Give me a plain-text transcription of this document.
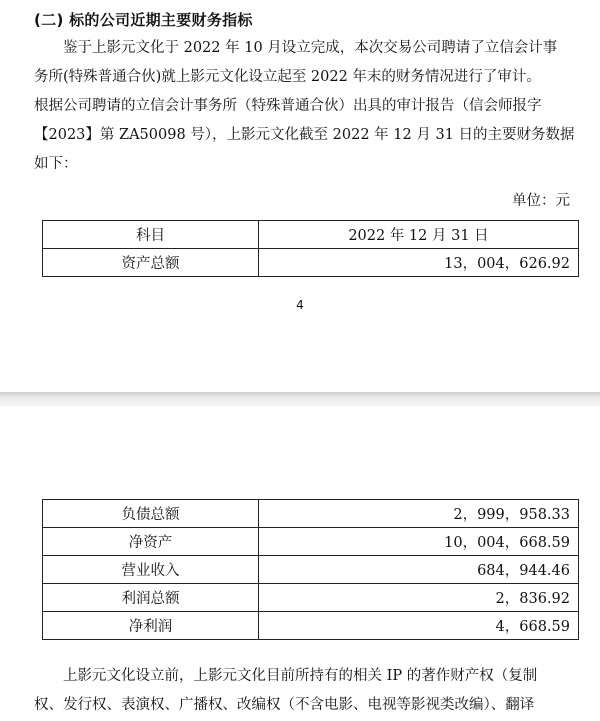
(二) 标的公司近期主要财务指标
鉴于上影元文化于 2022 年 10 月设立完成，本次交易公司聘请了立信会计事
务所(特殊普通合伙)就上影元文化设立起至 2022 年末的财务情况进行了审计。
根据公司聘请的立信会计事务所（特殊普通合伙）出具的审计报告（信会师报字
【2023】第 ZA50098 号），上影元文化截至 2022 年 12 月 31 日的主要财务数据
如下：
单位：元
科目	2022 年 12 月 31 日
资产总额	13，004，626.92
4
负债总额	2，999，958.33
净资产	10，004，668.59
营业收入	684，944.46
利润总额	2，836.92
净利润	4，668.59
上影元文化设立前，上影元文化目前所持有的相关 IP 的著作财产权（复制
权、发行权、表演权、广播权、改编权（不含电影、电视等影视类改编）、翻译
